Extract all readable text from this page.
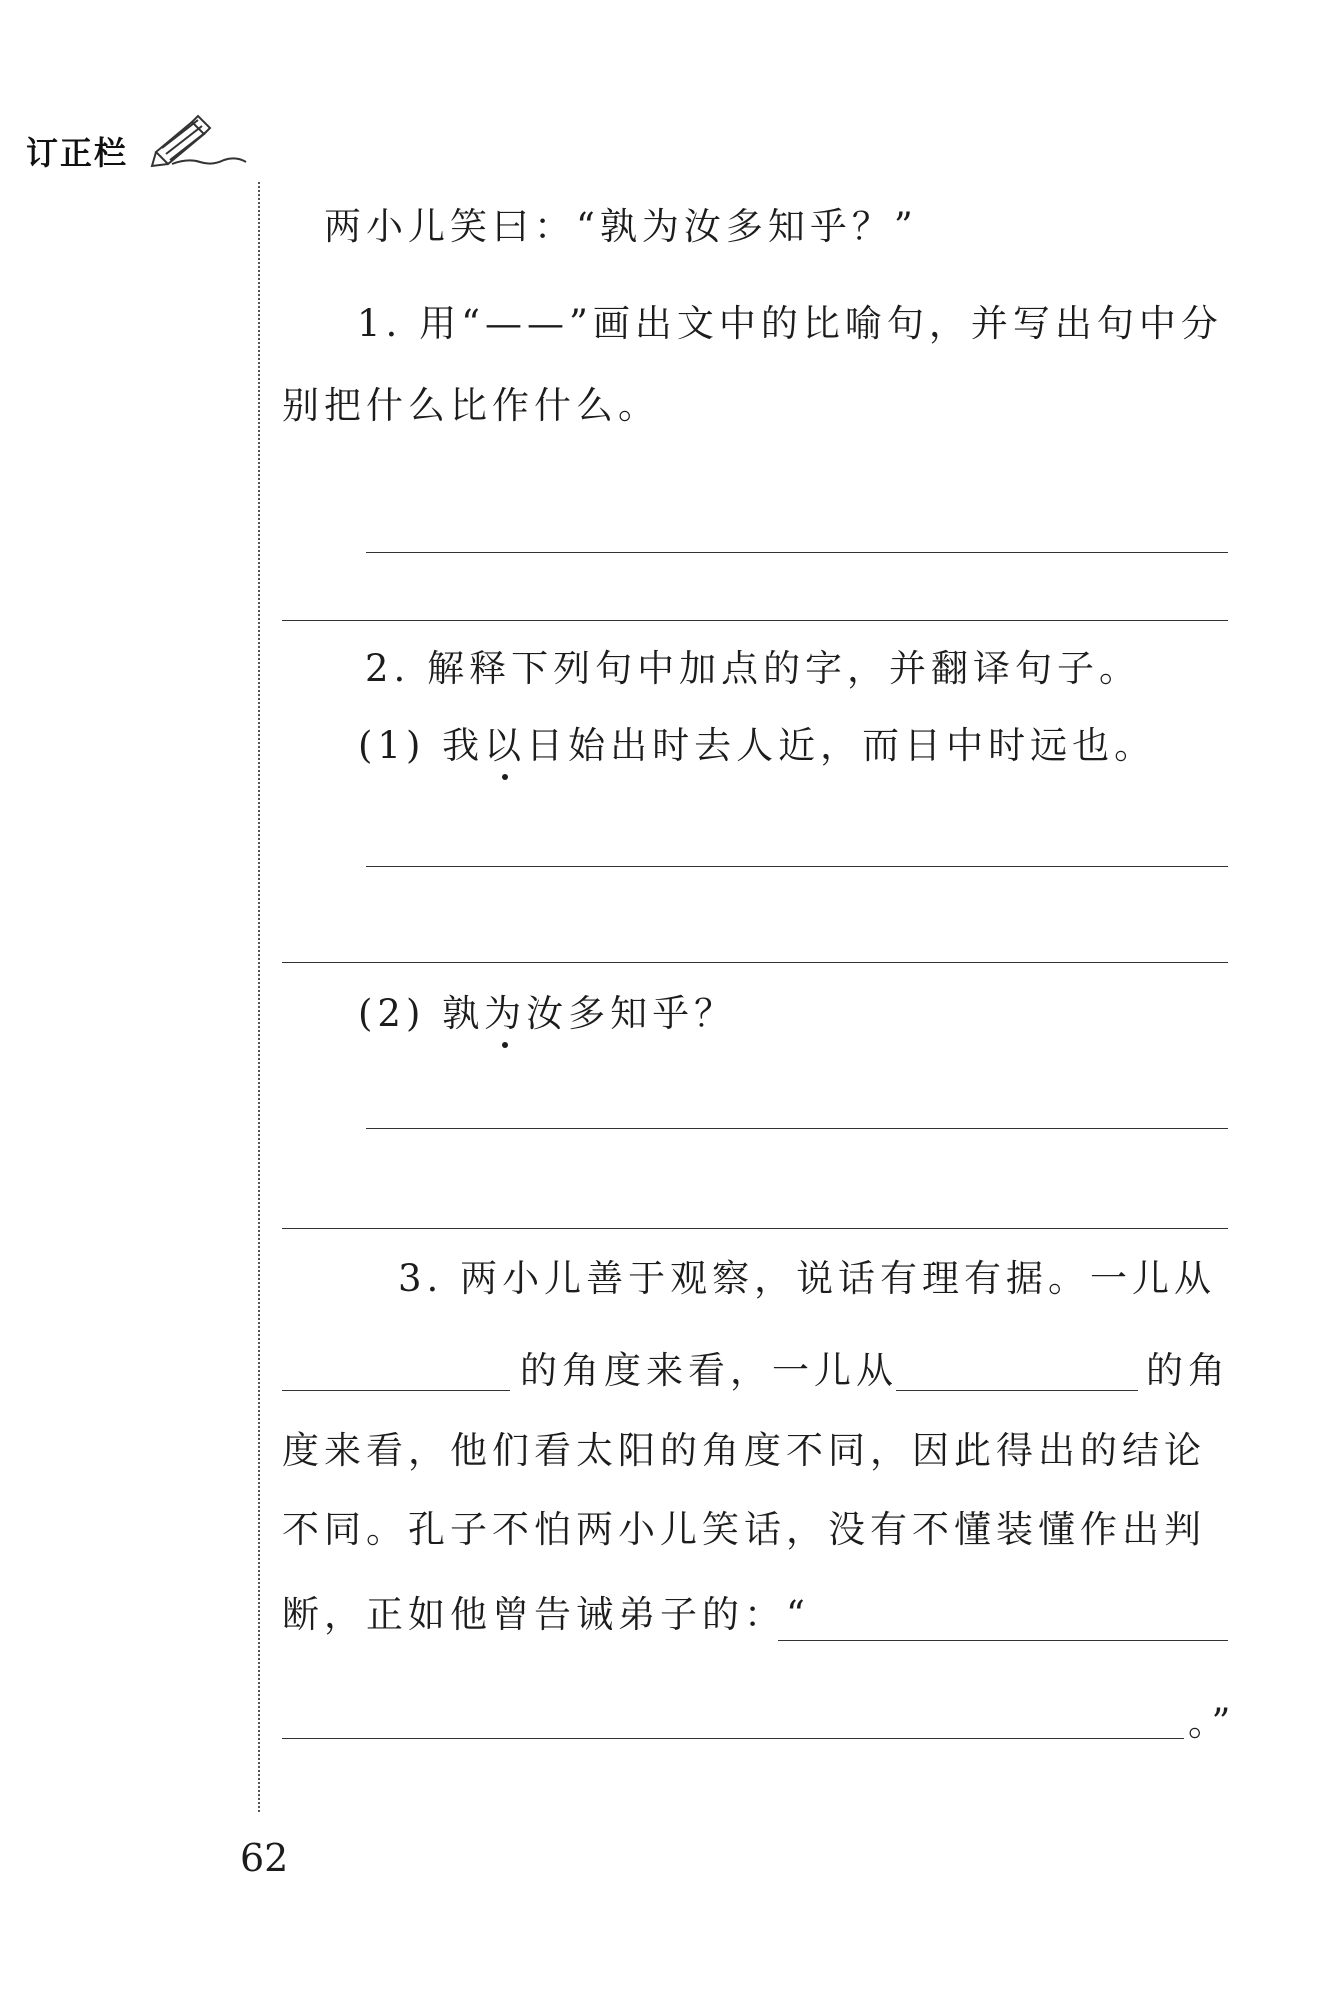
订正栏
两小儿笑曰：“孰为汝多知乎？”
1. 用“——”画出文中的比喻句，并写出句中分
别把什么比作什么。
2. 解释下列句中加点的字，并翻译句子。
(1) 我以日始出时去人近，而日中时远也。
(2) 孰为汝多知乎？
3. 两小儿善于观察，说话有理有据。一儿从
的角度来看，一儿从	的角
度来看，他们看太阳的角度不同，因此得出的结论
不同。孔子不怕两小儿笑话，没有不懂装懂作出判
断，正如他曾告诫弟子的：“
。”
62
